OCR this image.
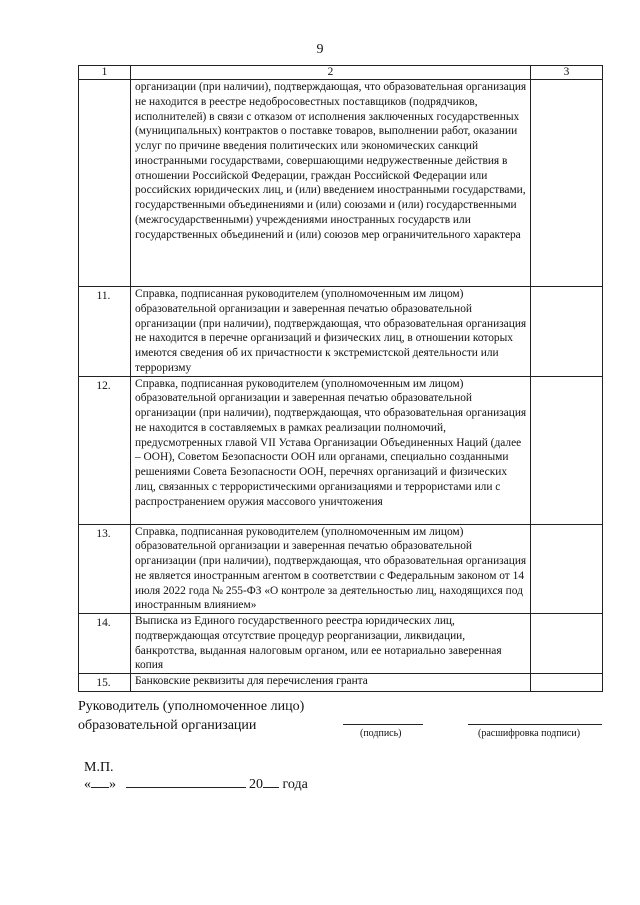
9
1	2	3
	организации (при наличии), подтверждающая, что образовательная организация не находится в реестре недобросовестных поставщиков (подрядчиков, исполнителей) в связи с отказом от исполнения заключенных государственных (муниципальных) контрактов о поставке товаров, выполнении работ, оказании услуг по причине введения политических или экономических санкций иностранными государствами, совершающими недружественные действия в отношении Российской Федерации, граждан Российской Федерации или российских юридических лиц, и (или) введением иностранными государствами, государственными объединениями и (или) союзами и (или) государственными (межгосударственными) учреждениями иностранных государств или государственных объединений и (или) союзов мер ограничительного характера	
11.	Справка, подписанная руководителем (уполномоченным им лицом) образовательной организации и заверенная печатью образовательной организации (при наличии), подтверждающая, что образовательная организация не находится в перечне организаций и физических лиц, в отношении которых имеются сведения об их причастности к экстремистской деятельности или терроризму	
12.	Справка, подписанная руководителем (уполномоченным им лицом) образовательной организации и заверенная печатью образовательной организации (при наличии), подтверждающая, что образовательная организация не находится в составляемых в рамках реализации полномочий, предусмотренных главой VII Устава Организации Объединенных Наций (далее – ООН), Советом Безопасности ООН или органами, специально созданными решениями Совета Безопасности ООН, перечнях организаций и физических лиц, связанных с террористическими организациями и террористами или с распространением оружия массового уничтожения	
13.	Справка, подписанная руководителем (уполномоченным им лицом) образовательной организации и заверенная печатью образовательной организации (при наличии), подтверждающая, что образовательная организация не является иностранным агентом в соответствии с Федеральным законом от 14 июля 2022 года № 255-ФЗ «О контроле за деятельностью лиц, находящихся под иностранным влиянием»	
14.	Выписка из Единого государственного реестра юридических лиц, подтверждающая отсутствие процедур реорганизации, ликвидации, банкротства, выданная налоговым органом, или ее нотариально заверенная копия	
15.	Банковские реквизиты для перечисления гранта	
Руководитель (уполномоченное лицо)
образовательной организации
(подпись)	(расшифровка подписи)
М.П.
« »	20 года
